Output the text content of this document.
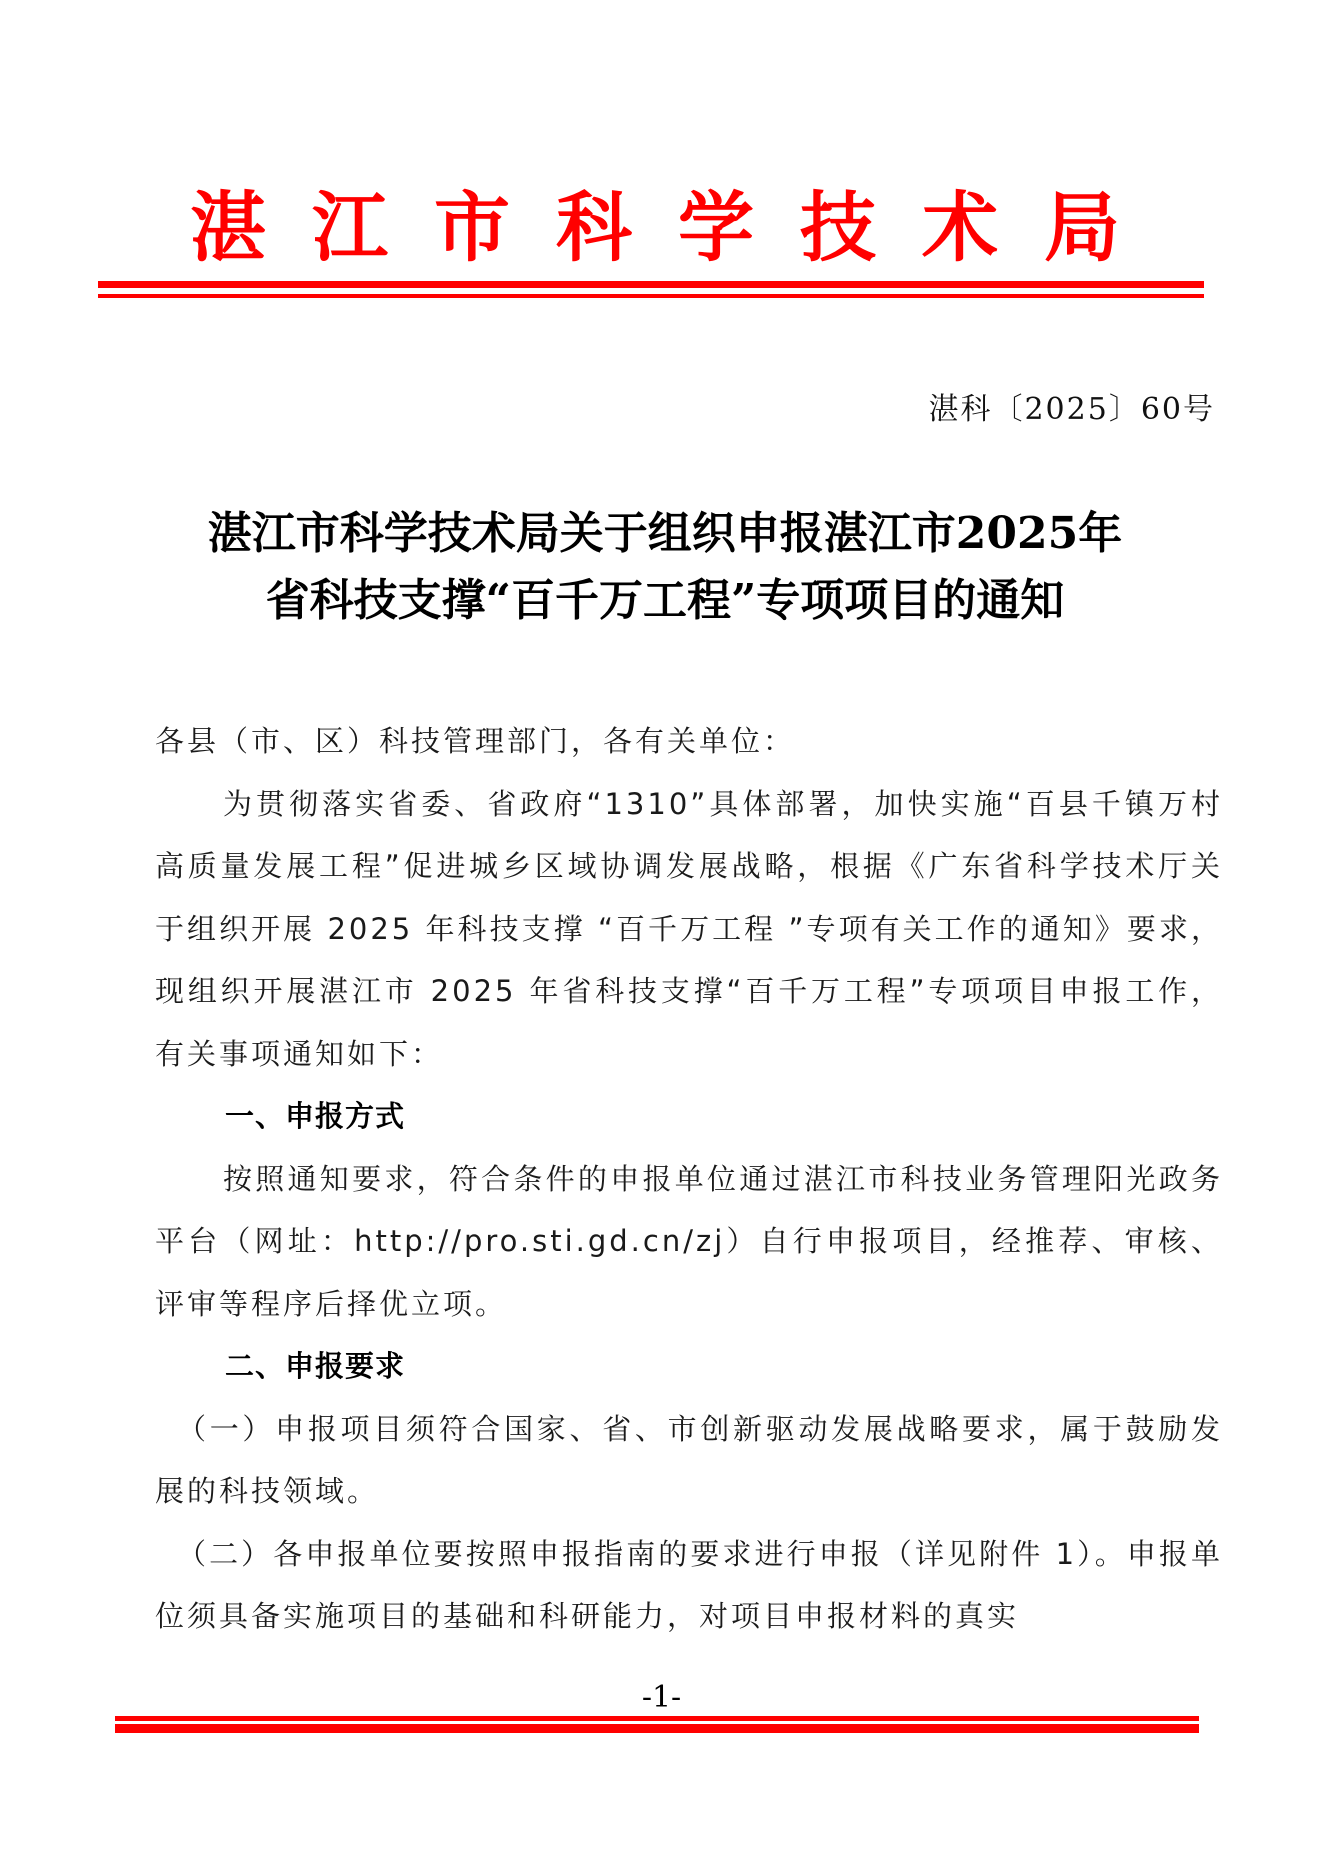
湛 江 市 科 学 技 术 局
湛科〔2025〕60号
湛江市科学技术局关于组织申报湛江市2025年
省科技支撑“百千万工程”专项项目的通知

各县（市、区）科技管理部门，各有关单位：

为贯彻落实省委、省政府“1310”具体部署，加快实施“百县千镇万村高质量发展工程”促进城乡区域协调发展战略，根据《广东省科学技术厅关于组织开展 2025 年科技支撑 “百千万工程 ”专项有关工作的通知》要求，现组织开展湛江市 2025 年省科技支撑“百千万工程”专项项目申报工作，有关事项通知如下：

一、申报方式

按照通知要求，符合条件的申报单位通过湛江市科技业务管理阳光政务平台（网址：http://pro.sti.gd.cn/zj）自行申报项目，经推荐、审核、评审等程序后择优立项。

二、申报要求

（一）申报项目须符合国家、省、市创新驱动发展战略要求，属于鼓励发展的科技领域。

（二）各申报单位要按照申报指南的要求进行申报（详见附件 1）。申报单位须具备实施项目的基础和科研能力，对项目申报材料的真实

-1-
